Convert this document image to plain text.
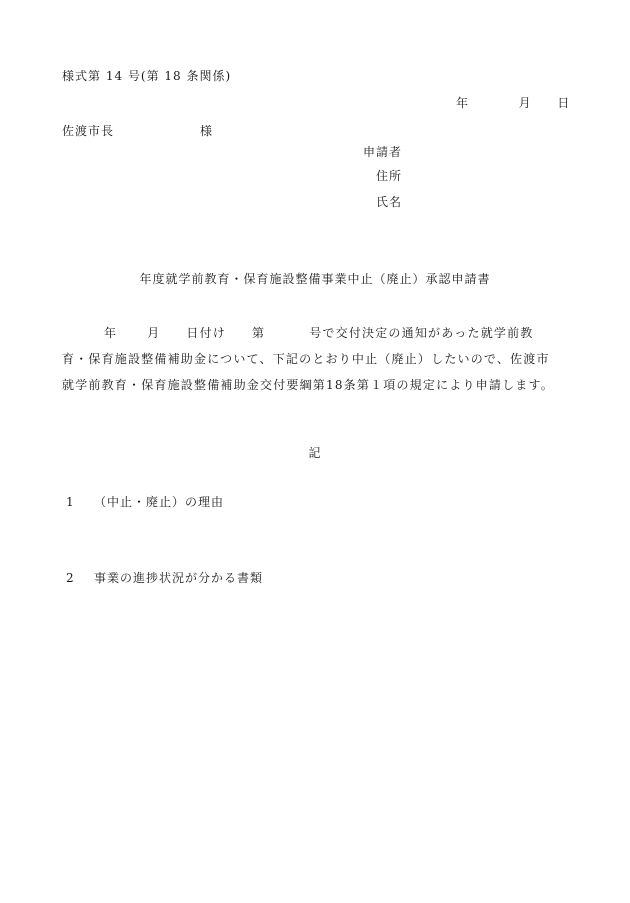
様式第 14 号(第 18 条関係)
年	月 日
佐渡市長	様
申請者
住所
氏名
年度就学前教育・保育施設整備事業中止（廃止）承認申請書
年	月 日付け 第	号で交付決定の通知があった就学前教
育・保育施設整備補助金について、下記のとおり中止（廃止）したいので、佐渡市
就学前教育・保育施設整備補助金交付要綱第18条第１項の規定により申請します。
記
1 （中止・廃止）の理由
2 事業の進捗状況が分かる書類
